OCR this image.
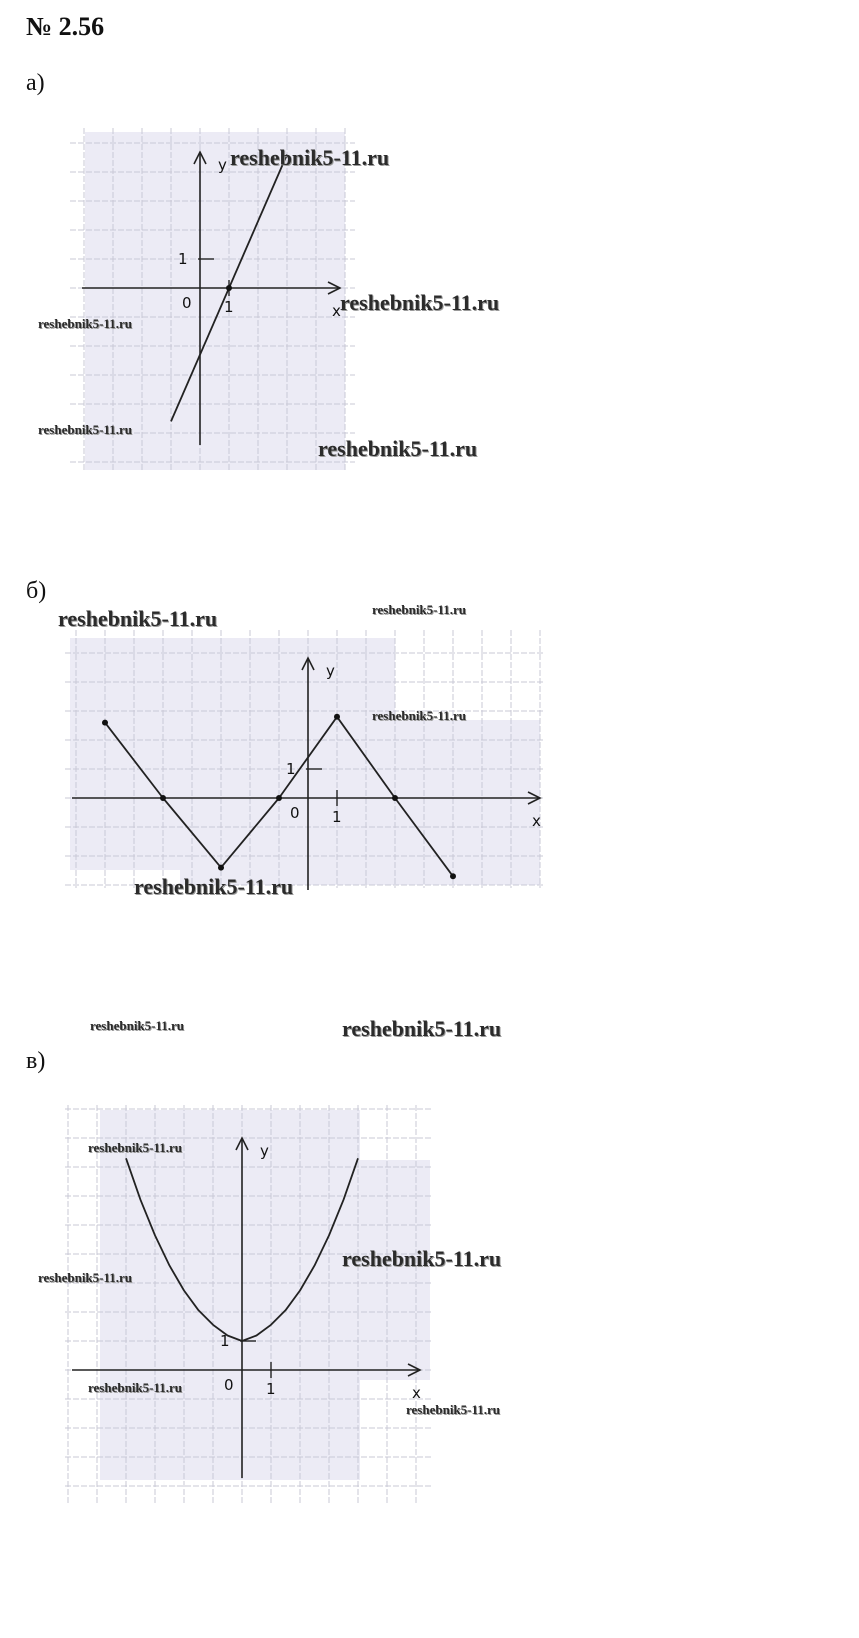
№ 2.56
а)
x
y
0 1
1
б)
x
y
0 1
1
в)
x
y
0 1
1
reshebnik5-11.ru
reshebnik5-11.ru
reshebnik5-11.ru
reshebnik5-11.ru
reshebnik5-11.ru
reshebnik5-11.ru	reshebnik5-11.ru
reshebnik5-11.ru
reshebnik5-11.ru
reshebnik5-11.ru	reshebnik5-11.ru
reshebnik5-11.ru
reshebnik5-11.ru
reshebnik5-11.ru
reshebnik5-11.ru
reshebnik5-11.ru
